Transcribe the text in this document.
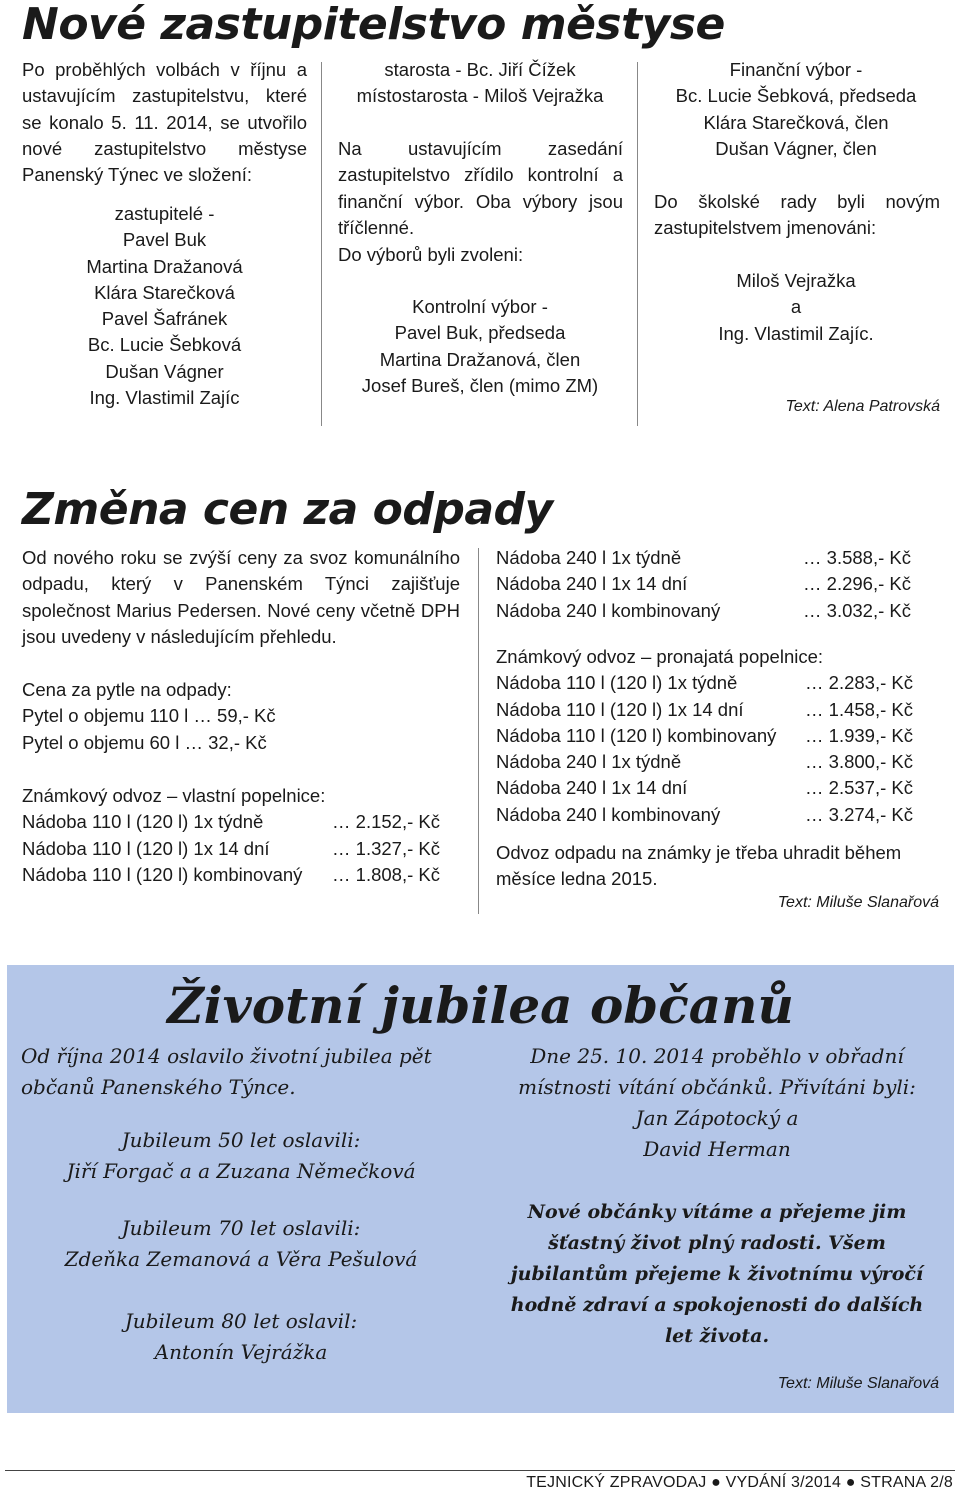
Nové zastupitelstvo městyse
Po proběhlých volbách v říjnu a ustavujícím zastupitelstvu, které se konalo 5. 11. 2014, se utvořilo nové zastupitelstvo městyse Panenský Týnec ve složení:
zastupitelé -
Pavel Buk
Martina Dražanová
Klára Starečková
Pavel Šafránek
Bc. Lucie Šebková
Dušan Vágner
Ing. Vlastimil Zajíc
starosta - Bc. Jiří Čížek
místostarosta - Miloš Vejražka
Na ustavujícím zasedání zastupitelstvo zřídilo kontrolní a finanční výbor. Oba výbory jsou tříčlenné.
Do výborů byli zvoleni:
Kontrolní výbor -
Pavel Buk, předseda
Martina Dražanová, člen
Josef Bureš, člen (mimo ZM)
Finanční výbor -
Bc. Lucie Šebková, předseda
Klára Starečková, člen
Dušan Vágner, člen
Do školské rady byli novým zastupitelstvem jmenováni:
Miloš Vejražka
a
Ing. Vlastimil Zajíc.
Text: Alena Patrovská
Změna cen za odpady
Od nového roku se zvýší ceny za svoz komunálního odpadu, který v Panenském Týnci zajišťuje společnost Marius Pedersen. Nové ceny včetně DPH jsou uvedeny v následujícím přehledu.
Cena za pytle na odpady:
Pytel o objemu 110 l … 59,- Kč
Pytel o objemu 60 l … 32,- Kč
Známkový odvoz – vlastní popelnice:
Nádoba 110 l (120 l) 1x týdně	… 2.152,- Kč
Nádoba 110 l (120 l) 1x 14 dní	… 1.327,- Kč
Nádoba 110 l (120 l) kombinovaný … 1.808,- Kč
Nádoba 240 l 1x týdně	… 3.588,- Kč
Nádoba 240 l 1x 14 dní	… 2.296,- Kč
Nádoba 240 l kombinovaný	… 3.032,- Kč
Známkový odvoz – pronajatá popelnice:
Nádoba 110 l (120 l) 1x týdně	… 2.283,- Kč
Nádoba 110 l (120 l) 1x 14 dní	… 1.458,- Kč
Nádoba 110 l (120 l) kombinovaný … 1.939,- Kč
Nádoba 240 l 1x týdně	… 3.800,- Kč
Nádoba 240 l 1x 14 dní	… 2.537,- Kč
Nádoba 240 l kombinovaný	… 3.274,- Kč
Odvoz odpadu na známky je třeba uhradit během měsíce ledna 2015.
Text: Miluše Slanařová
Životní jubilea občanů
Od října 2014 oslavilo životní jubilea pět občanů Panenského Týnce.
Jubileum 50 let oslavili:
Jiří Forgač a a Zuzana Němečková
Jubileum 70 let oslavili:
Zdeňka Zemanová a Věra Pešulová
Jubileum 80 let oslavil:
Antonín Vejrážka
Dne 25. 10. 2014 proběhlo v obřadní místnosti vítání občánků. Přivítáni byli:
Jan Zápotocký a
David Herman
Nové občánky vítáme a přejeme jim šťastný život plný radosti. Všem jubilantům přejeme k životnímu výročí hodně zdraví a spokojenosti do dalších let života.
Text: Miluše Slanařová
TEJNICKÝ ZPRAVODAJ ● VYDÁNÍ 3/2014 ● STRANA 2/8
